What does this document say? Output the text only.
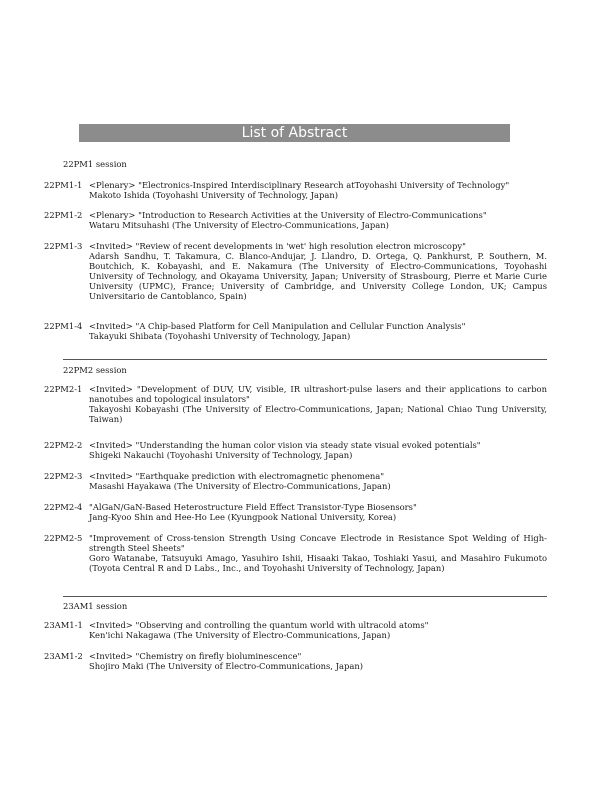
List of Abstract
22PM1 session
22PM1-1 <Plenary> "Electronics-Inspired Interdisciplinary Research atToyohashi University of Technology"
Makoto Ishida (Toyohashi University of Technology, Japan)
22PM1-2 <Plenary> "Introduction to Research Activities at the University of Electro-Communications"
Wataru Mitsuhashi (The University of Electro-Communications, Japan)
22PM1-3 <Invited> "Review of recent developments in 'wet' high resolution electron microscopy"
Adarsh Sandhu, T. Takamura, C. Blanco-Andujar, J. Llandro, D. Ortega, Q. Pankhurst, P. Southern, M. Boutchich, K. Kobayashi, and E. Nakamura (The University of Electro-Communications, Toyohashi University of Technology, and Okayama University, Japan; University of Strasbourg, Pierre et Marie Curie University (UPMC), France; University of Cambridge, and University College London, UK; Campus Universitario de Cantoblanco, Spain)
22PM1-4 <Invited> "A Chip-based Platform for Cell Manipulation and Cellular Function Analysis"
Takayuki Shibata (Toyohashi University of Technology, Japan)
22PM2 session
22PM2-1 <Invited> "Development of DUV, UV, visible, IR ultrashort-pulse lasers and their applications to carbon nanotubes and topological insulators"
Takayoshi Kobayashi (The University of Electro-Communications, Japan; National Chiao Tung University, Taiwan)
22PM2-2 <Invited> "Understanding the human color vision via steady state visual evoked potentials"
Shigeki Nakauchi (Toyohashi University of Technology, Japan)
22PM2-3 <Invited> "Earthquake prediction with electromagnetic phenomena"
Masashi Hayakawa (The University of Electro-Communications, Japan)
22PM2-4 "AlGaN/GaN-Based Heterostructure Field Effect Transistor-Type Biosensors"
Jang-Kyoo Shin and Hee-Ho Lee (Kyungpook National University, Korea)
22PM2-5 "Improvement of Cross-tension Strength Using Concave Electrode in Resistance Spot Welding of High-strength Steel Sheets"
Goro Watanabe, Tatsuyuki Amago, Yasuhiro Ishii, Hisaaki Takao, Toshiaki Yasui, and Masahiro Fukumoto (Toyota Central R and D Labs., Inc., and Toyohashi University of Technology, Japan)
23AM1 session
23AM1-1 <Invited> "Observing and controlling the quantum world with ultracold atoms"
Ken'ichi Nakagawa (The University of Electro-Communications, Japan)
23AM1-2 <Invited> "Chemistry on firefly bioluminescence"
Shojiro Maki (The University of Electro-Communications, Japan)
